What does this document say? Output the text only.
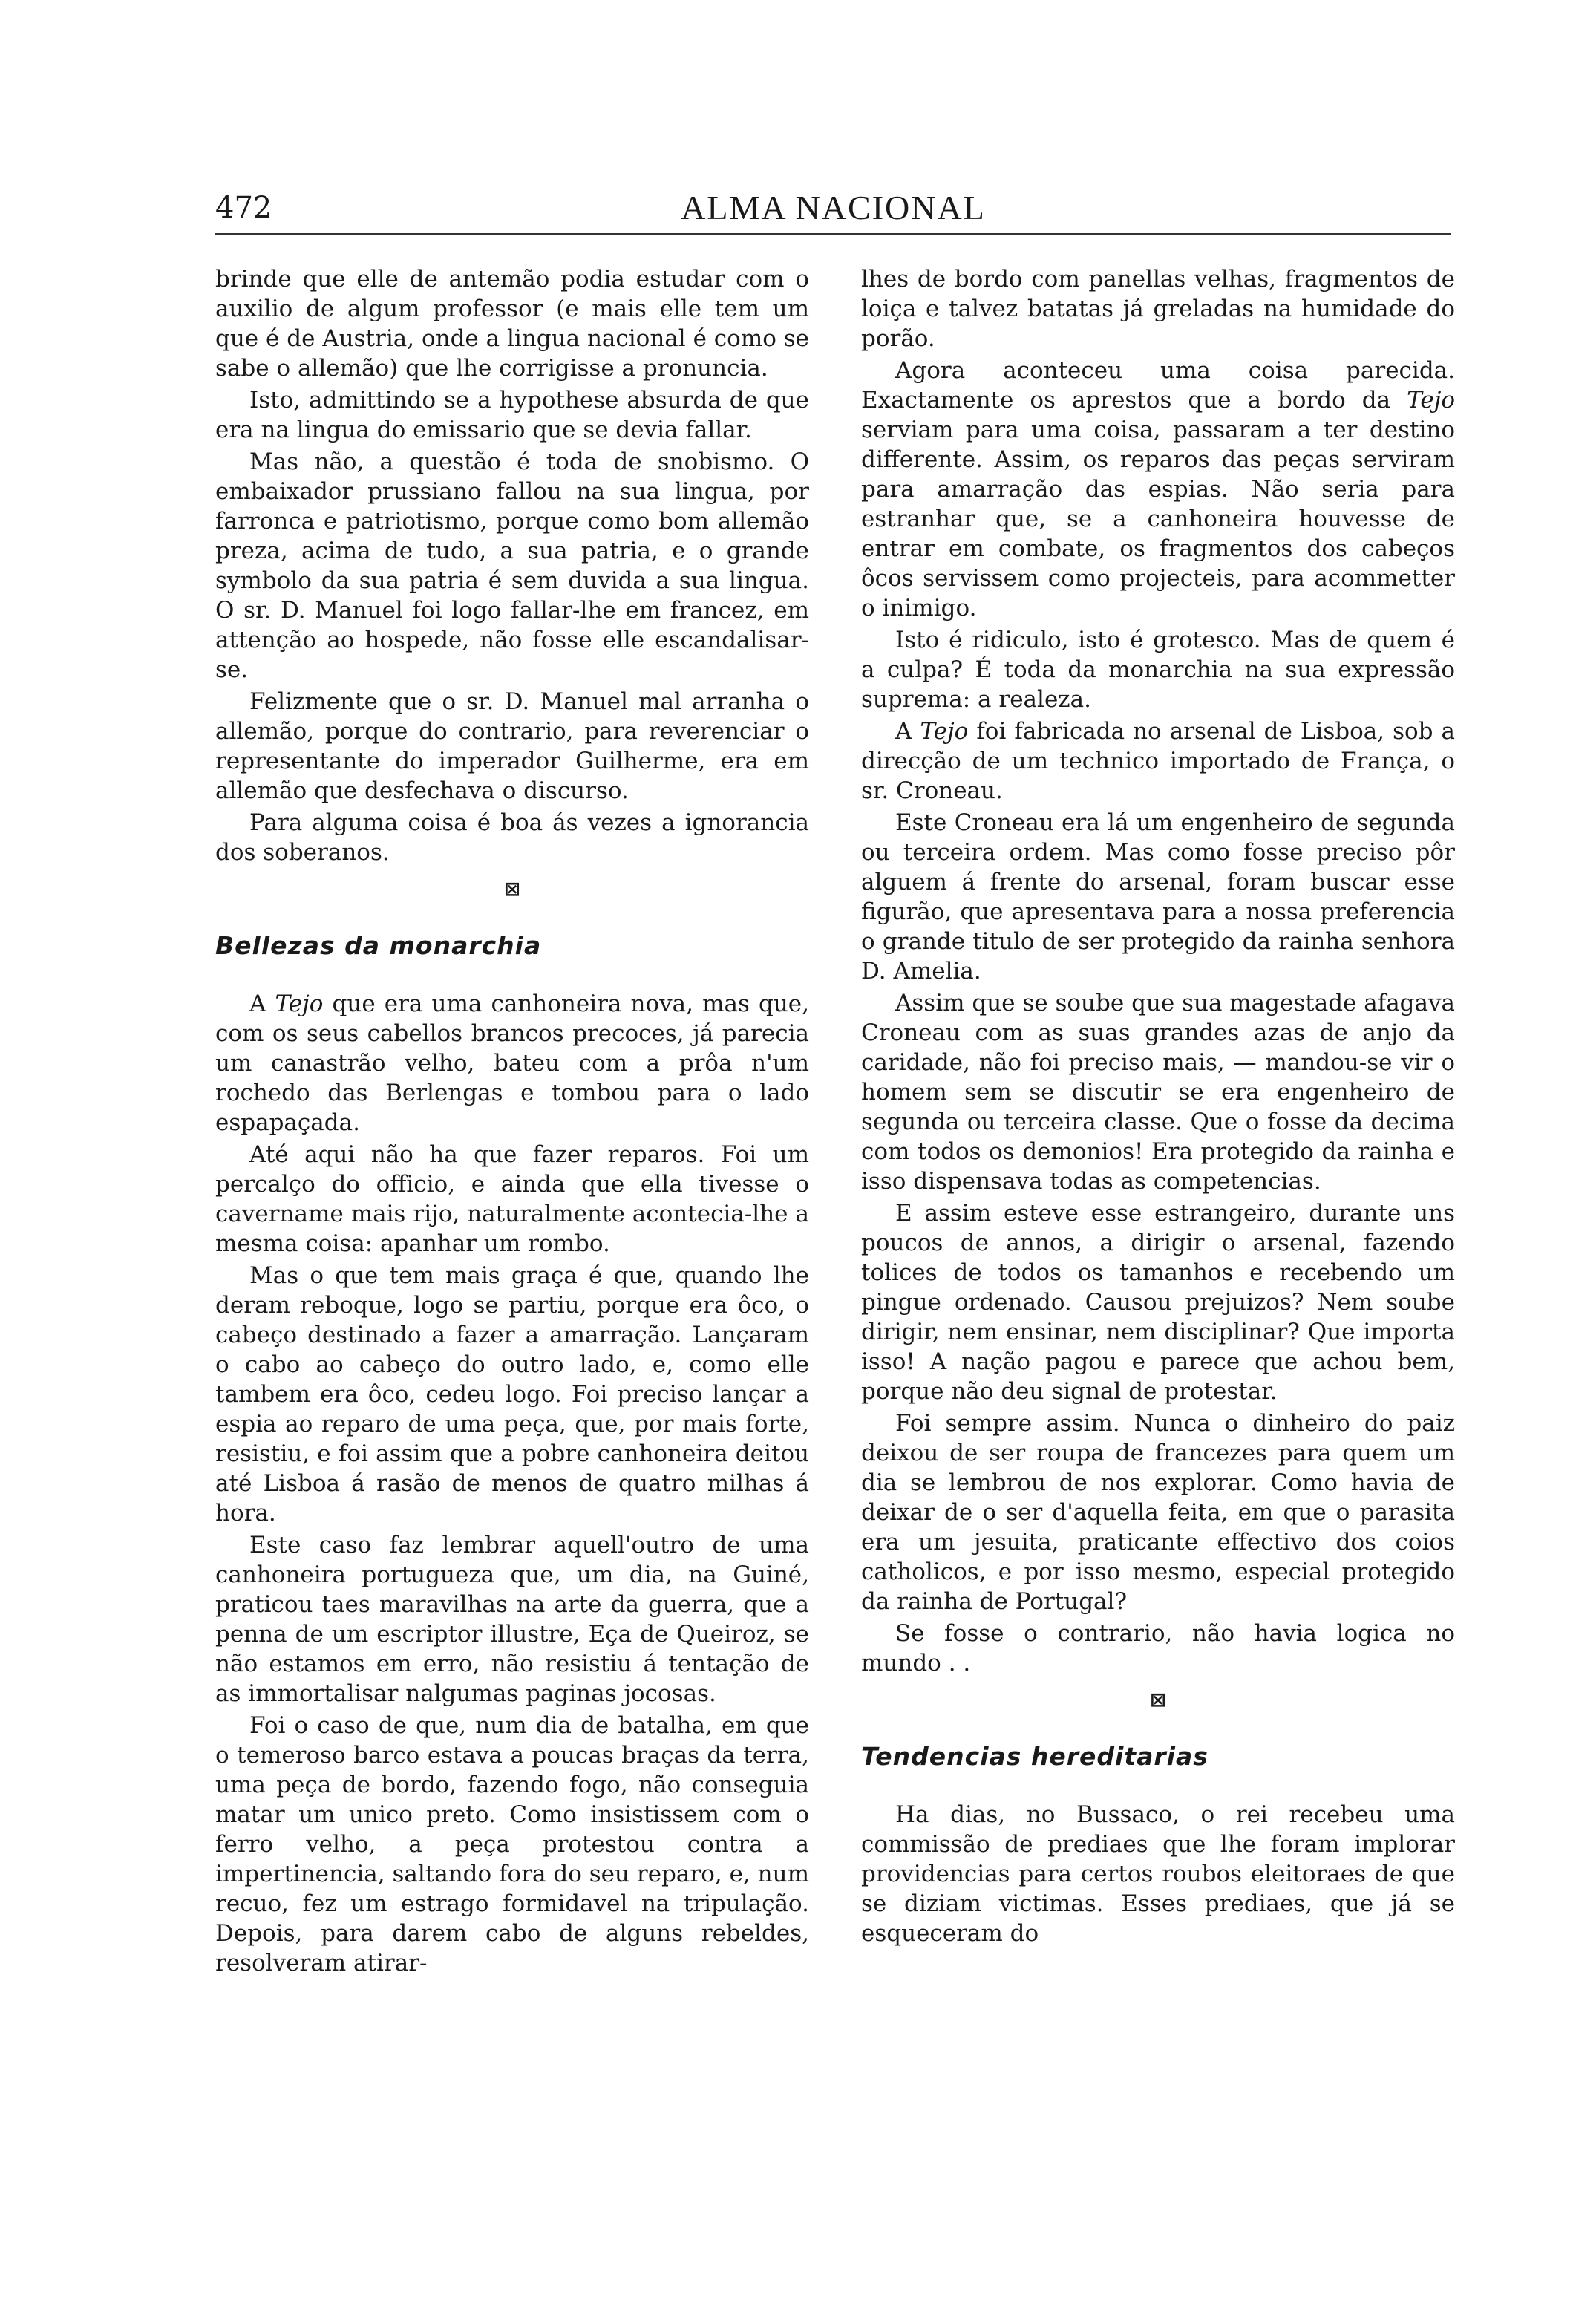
472	ALMA NACIONAL

brinde que elle de antemão podia estudar com o auxilio de algum professor (e mais elle tem um que é de Austria, onde a lingua nacional é como se sabe o allemão) que lhe corrigisse a pronuncia.

Isto, admittindo se a hypothese absurda de que era na lingua do emissario que se devia fallar.

Mas não, a questão é toda de snobismo. O embaixador prussiano fallou na sua lingua, por farronca e patriotismo, porque como bom allemão preza, acima de tudo, a sua patria, e o grande symbolo da sua patria é sem duvida a sua lingua. O sr. D. Manuel foi logo fallar-lhe em francez, em attenção ao hospede, não fosse elle escandalisar-se.

Felizmente que o sr. D. Manuel mal arranha o allemão, porque do contrario, para reverenciar o representante do imperador Guilherme, era em allemão que desfechava o discurso.

Para alguma coisa é boa ás vezes a ignorancia dos soberanos.

⊠
Bellezas da monarchia

A Tejo que era uma canhoneira nova, mas que, com os seus cabellos brancos precoces, já parecia um canastrão velho, bateu com a prôa n'um rochedo das Berlengas e tombou para o lado espapaçada.

Até aqui não ha que fazer reparos. Foi um percalço do officio, e ainda que ella tivesse o cavername mais rijo, naturalmente acontecia-lhe a mesma coisa: apanhar um rombo.

Mas o que tem mais graça é que, quando lhe deram reboque, logo se partiu, porque era ôco, o cabeço destinado a fazer a amarração. Lançaram o cabo ao cabeço do outro lado, e, como elle tambem era ôco, cedeu logo. Foi preciso lançar a espia ao reparo de uma peça, que, por mais forte, resistiu, e foi assim que a pobre canhoneira deitou até Lisboa á rasão de menos de quatro milhas á hora.

Este caso faz lembrar aquell'outro de uma canhoneira portugueza que, um dia, na Guiné, praticou taes maravilhas na arte da guerra, que a penna de um escriptor illustre, Eça de Queiroz, se não estamos em erro, não resistiu á tentação de as immortalisar nalgumas paginas jocosas.

Foi o caso de que, num dia de batalha, em que o temeroso barco estava a poucas braças da terra, uma peça de bordo, fazendo fogo, não conseguia matar um unico preto. Como insistissem com o ferro velho, a peça protestou contra a impertinencia, saltando fora do seu reparo, e, num recuo, fez um estrago formidavel na tripulação. Depois, para darem cabo de alguns rebeldes, resolveram atirar-

lhes de bordo com panellas velhas, fragmentos de loiça e talvez batatas já greladas na humidade do porão.

Agora aconteceu uma coisa parecida. Exactamente os aprestos que a bordo da Tejo serviam para uma coisa, passaram a ter destino differente. Assim, os reparos das peças serviram para amarração das espias. Não seria para estranhar que, se a canhoneira houvesse de entrar em combate, os fragmentos dos cabeços ôcos servissem como projecteis, para acommetter o inimigo.

Isto é ridiculo, isto é grotesco. Mas de quem é a culpa? É toda da monarchia na sua expressão suprema: a realeza.

A Tejo foi fabricada no arsenal de Lisboa, sob a direcção de um technico importado de França, o sr. Croneau.

Este Croneau era lá um engenheiro de segunda ou terceira ordem. Mas como fosse preciso pôr alguem á frente do arsenal, foram buscar esse figurão, que apresentava para a nossa preferencia o grande titulo de ser protegido da rainha senhora D. Amelia.

Assim que se soube que sua magestade afagava Croneau com as suas grandes azas de anjo da caridade, não foi preciso mais, — mandou-se vir o homem sem se discutir se era engenheiro de segunda ou terceira classe. Que o fosse da decima com todos os demonios! Era protegido da rainha e isso dispensava todas as competencias.

E assim esteve esse estrangeiro, durante uns poucos de annos, a dirigir o arsenal, fazendo tolices de todos os tamanhos e recebendo um pingue ordenado. Causou prejuizos? Nem soube dirigir, nem ensinar, nem disciplinar? Que importa isso! A nação pagou e parece que achou bem, porque não deu signal de protestar.

Foi sempre assim. Nunca o dinheiro do paiz deixou de ser roupa de francezes para quem um dia se lembrou de nos explorar. Como havia de deixar de o ser d'aquella feita, em que o parasita era um jesuita, praticante effectivo dos coios catholicos, e por isso mesmo, especial protegido da rainha de Portugal?

Se fosse o contrario, não havia logica no mundo . .

⊠
Tendencias hereditarias

Ha dias, no Bussaco, o rei recebeu uma commissão de prediaes que lhe foram implorar providencias para certos roubos eleitoraes de que se diziam victimas. Esses prediaes, que já se esqueceram do
